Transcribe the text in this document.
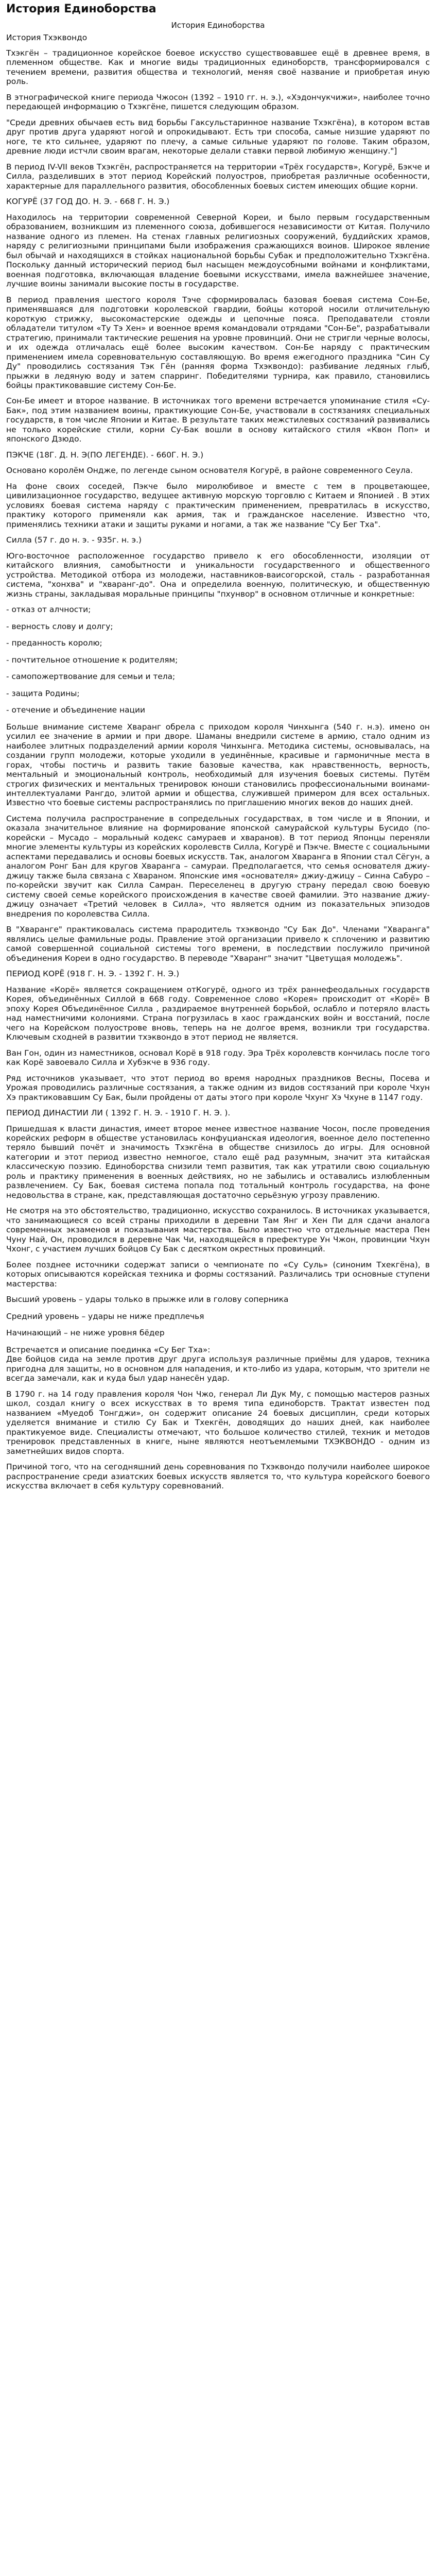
История Единоборства
История Единоборства
История Тхэквондо
Тхэкгён – традиционное корейское боевое искусство существовавшее ещё в древнее время, в племенном обществе. Как и многие виды традиционных единоборств, трансформировался с течением времени, развития общества и технологий, меняя своё название и приобретая иную роль.
В этнографической книге периода Чжосон (1392 – 1910 гг. н. э.), «Хэдончукчижи», наиболее точно передающей информацию о Тхэкгёне, пишется следующим образом.
"Среди древних обычаев есть вид борьбы Гаксульстаринное название Тхэкгёна), в котором встав друг против друга ударяют ногой и опрокидывают. Есть три способа, самые низшие ударяют по ноге, те кто сильнее, ударяют по плечу, а самые сильные ударяют по голове. Таким образом, древние люди истчли своим врагам, некоторые делали ставки первой любимую женщину."]
В период IV-VII веков Тхэкгён, распространяется на территории «Трёх государств», Когурё, Бэкче и Силла, разделивших в этот период Корейский полуостров, приобретая различные особенности, характерные для параллельного развития, обособленных боевых систем имеющих общие корни.
КОГУРЁ (37 ГОД ДО. Н. Э. - 668 Г. Н. Э.)
Находилось на территории современной Северной Кореи, и было первым государственным образованием, возникшим из племенного союза, добившегося независимости от Китая. Получило название одного из племен. На стенах главных религиозных сооружений, буддийских храмов, наряду с религиозными принципами были изображения сражающихся воинов. Широкое явление был обычай и находящихся в стойках национальной борьбы Субак и предположительно Тхэкгёна. Поскольку данный исторический период был насыщен междоусобными войнами и конфликтами, военная подготовка, включающая владение боевыми искусствами, имела важнейшее значение, лучшие воины занимали высокие посты в государстве.
В период правления шестого короля Тэче сформировалась базовая боевая система Сон-Бе, применявшаяся для подготовки королевской гвардии, бойцы которой носили отличительную короткую стрижку, высокомастерские одежды и цепочные пояса. Преподаватели стояли обладатели титулом «Ту Тэ Хен» и военное время командовали отрядами "Сон-Бе", разрабатывали стратегию, принимали тактические решения на уровне провинций. Они не стригли черные волосы, и их одежда отличалась ещё более высоким качеством. Сон-Бе наряду с практическим применением имела соревновательную составляющую. Во время ежегодного праздника "Син Су Ду" проводились состязания Тэк Гён (ранняя форма Тхэквондо): разбивание ледяных глыб, прыжки в ледяную воду и затем спарринг. Победителями турнира, как правило, становились бойцы практиковавшие систему Сон-Бе.
Сон-Бе имеет и второе название. В источниках того времени встречается упоминание стиля «Су-Бак», под этим названием воины, практикующие Сон-Бе, участвовали в состязаниях специальных государств, в том числе Японии и Китае. В результате таких межстилевых состязаний развивались не только корейские стили, корни Су-Бак вошли в основу китайского стиля «Квон Поп» и японского Дзюдо.
ПЭКЧЕ (18Г. Д. Н. Э(ПО ЛЕГЕНДЕ). - 660Г. Н. Э.)
Основано королём Ондже, по легенде сыном основателя Когурё, в районе современного Сеула.
На фоне своих соседей, Пэкче было миролюбивое и вместе с тем в процветающее, цивилизационное государство, ведущее активную морскую торговлю с Китаем и Японией . В этих условиях боевая система наряду с практическим применением, превратилась в искусство, практику которого применяли как армия, так и гражданское население. Известно что, применялись техники атаки и защиты руками и ногами, а так же название "Су Бег Тха".
Силла (57 г. до н. э. - 935г. н. э.)
Юго-восточное расположенное государство привело к его обособленности, изоляции от китайского влияния, самобытности и уникальности государственного и общественного устройства. Методикой отбора из молодежи, наставников-ваисогорской, сталь - разработанная система, "хонхва" и "хваранг-до". Она и определила военную, политическую, и общественную жизнь страны, закладывая моральные принципы "пхунвор" в основном отличные и конкретные:
- отказ от алчности;
- верность слову и долгу;
- преданность королю;
- почтительное отношение к родителям;
- самопожертвование для семьи и тела;
- защита Родины;
- отечение и объединение нации
Больше внимание системе Хваранг обрела с приходом короля Чинхынга (540 г. н.э). имено он усилил ее значение в армии и при дворе. Шаманы внедрили системе в армию, стало одним из наиболее элитных подразделений армии короля Чинхынга. Методика системы, основывалась, на создании групп молодежи, которые уходили в уединённые, красивые и гармоничные места в горах, чтобы постичь и развить такие базовые качества, как нравственность, верность, ментальный и эмоциональный контроль, необходимый для изучения боевых системы. Путём строгих физических и ментальных тренировок юноши становились профессиональными воинами-интеллектуалами Рангдо, элитой армии и общества, служившей примером для всех остальных. Известно что боевые системы распространялись по приглашению многих веков до наших дней.
Система получила распространение в сопредельных государствах, в том числе и в Японии, и оказала значительное влияние на формирование японской самурайской культуры Бусидо (по-корейски – Мусадо – моральный кодекс самураев и хваранов). В тот период Японцы переняли многие элементы культуры из корейских королевств Силла, Когурё и Пэкче. Вместе с социальными аспектами передавались и основы боевых искусств. Так, аналогом Хваранга в Японии стал Сёгун, а аналогом Ронг Бан для кругов Хваранга – самураи. Предполагается, что семья основателя джиу-джицу также была связана с Хвараном. Японские имя «основателя» джиу-джицу – Синна Сабуро – по-корейски звучит как Силла Самран. Переселенец в другую страну передал свою боевую систему своей семье корейского происхождения в качестве своей фамилии. Это название джиу-джицу означает «Третий человек в Силла», что является одним из показательных эпизодов внедрения по королевства Силла.
В "Хваранге" практиковалась система прародитель тхэквондо "Су Бак До". Членами "Хваранга" являлись целые фамильные роды. Правление этой организации привело к сплочению и развитию самой совершенной социальной системы того времени, в последствии послужило причиной объединения Кореи в одно государство. В переводе "Хваранг" значит "Цветущая молодежь".
ПЕРИОД КОРЁ (918 Г. Н. Э. - 1392 Г. Н. Э.)
Название «Корё» является сокращением отКогурё, одного из трёх раннефеодальных государств Корея, объединённых Силлой в 668 году. Современное слово «Корея» происходит от «Корё» В эпоху Корея Объединённое Силла , раздираемое внутренней борьбой, ослабло и потеряло власть над наместничими колониями. Страна погрузилась в хаос гражданских войн и восстаний, после чего на Корейском полуострове вновь, теперь на не долгое время, возникли три государства. Ключевым сходней в развитии тхэквондо в этот период не является.
Ван Гон, один из наместников, основал Корё в 918 году. Эра Трёх королевств кончилась после того как Корё завоевало Силла и Хубэкче в 936 году.
Ряд источников указывает, что этот период во время народных праздников Весны, Посева и Урожая проводились различные состязания, а также одним из видов состязаний при короле Чхун Хэ практиковавшим Су Бак, были пройдены от даты этого при короле Чхунг Хэ Чхуне в 1147 году.
ПЕРИОД ДИНАСТИИ ЛИ ( 1392 Г. Н. Э. - 1910 Г. Н. Э. ).
Пришедшая к власти династия, имеет второе менее известное название Чосон, после проведения корейских реформ в обществе установилась конфуцианская идеология, военное дело постепенно теряло бывший почёт и значимость Тхэкгёна в обществе снизилось до игры. Для основной категории и этот период известно немногое, стало ещё рад разумным, значит эта китайская классическую поэзию. Единоборства снизили темп развития, так как утратили свою социальную роль и практику применения в военных действиях, но не забылись и оставались излюбленным развлечением. Су Бак, боевая система попала под тотальный контроль государства, на фоне недовольства в стране, как, представляющая достаточно серьёзную угрозу правлению.
Не смотря на это обстоятельство, традиционно, искусство сохранилось. В источниках указывается, что занимающиеся со всей страны приходили в деревни Там Янг и Хен Пи для сдачи аналога современных экзаменов и показывания мастерства. Было известно что отдельные мастера Пен Чуну Най, Он, проводился в деревне Чак Чи, находящейся в префектуре Ун Чжон, провинции Чхун Чхонг, с участием лучших бойцов Су Бак с десятком окрестных провинций.
Более позднее источники содержат записи о чемпионате по «Су Суль» (синоним Тхекгёна), в которых описываются корейская техника и формы состязаний. Различались три основные ступени мастерства:
Высший уровень – удары только в прыжке или в голову соперника
Средний уровень – удары не ниже предплечья
Начинающий – не ниже уровня бёдер
Встречается и описание поединка «Су Бег Тха»:
Две бойцов сида на земле против друг друга используя различные приёмы для ударов, техника пригодна для защиты, но в основном для нападения, и кто-либо из удара, которым, что зрители не всегда замечали, как и куда был удар нанесён удар.
В 1790 г. на 14 году правления короля Чон Чжо, генерал Ли Дук Му, с помощью мастеров разных школ, создал книгу о всех искусствах в то время типа единоборств. Трактат известен под названием «Муедоб Тонгджи», он содержит описание 24 боевых дисциплин, среди которых уделяется внимание и стилю Су Бак и Тхекгён, доводящих до наших дней, как наиболее практикуемое виде. Специалисты отмечают, что большое количество стилей, техник и методов тренировок представленных в книге, ныне являются неотъемлемыми ТХЭКВОНДО - одним из заметнейших видов спорта.
Причиной того, что на сегодняшний день соревнования по Тхэквондо получили наиболее широкое распространение среди азиатских боевых искусств является то, что культура корейского боевого искусства включает в себя культуру соревнований.
